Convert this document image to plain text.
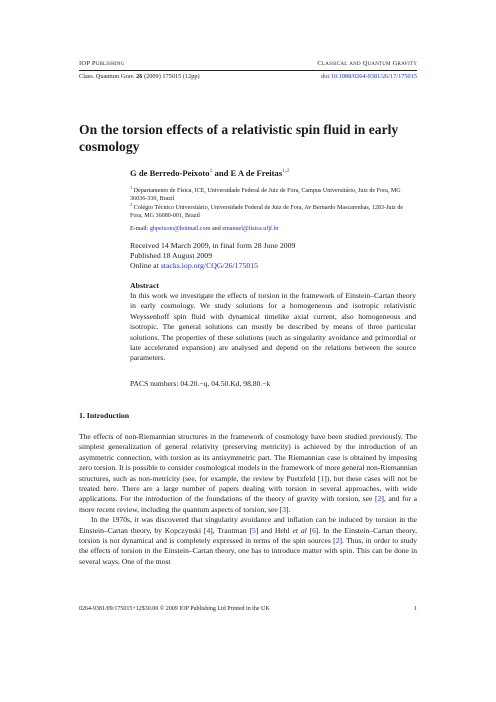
IOP Publishing	Classical and Quantum Gravity
Class. Quantum Grav. 26 (2009) 175015 (12pp)	doi:10.1088/0264-9381/26/17/175015
On the torsion effects of a relativistic spin fluid in early cosmology
G de Berredo-Peixoto$^1$ and E A de Freitas$^{1,2}$
$^1$ Departamento de Física, ICE, Universidade Federal de Juiz de Fora, Campus Universitário, Juiz de Fora, MG 36036-330, Brazil
$^2$ Colégio Técnico Universitário, Universidade Federal de Juiz de Fora, Av Bernardo Mascarenhas, 1283-Juiz de Fora, MG 36080-001, Brazil
E-mail: gbpeixoto@hotmail.com and emanuel@fisica.ufjf.br
Received 14 March 2009, in final form 28 June 2009
Published 18 August 2009
Online at stacks.iop.org/CQG/26/175015
Abstract
In this work we investigate the effects of torsion in the framework of Einstein–Cartan theory in early cosmology. We study solutions for a homogeneous and isotropic relativistic Weyssenhoff spin fluid with dynamical timelike axial current, also homogeneous and isotropic. The general solutions can mostly be described by means of three particular solutions. The properties of these solutions (such as singularity avoidance and primordial or late accelerated expansion) are analysed and depend on the relations between the source parameters.
PACS numbers: 04.20.−q, 04.50.Kd, 98.80.−k
1. Introduction

The effects of non-Riemannian structures in the framework of cosmology have been studied previously. The simplest generalization of general relativity (preserving metricity) is achieved by the introduction of an asymmetric connection, with torsion as its antisymmetric part. The Riemannian case is obtained by imposing zero torsion. It is possible to consider cosmological models in the framework of more general non-Riemannian structures, such as non-metricity (see, for example, the review by Puetzfeld [1]), but these cases will not be treated here. There are a large number of papers dealing with torsion in several approaches, with wide applications. For the introduction of the foundations of the theory of gravity with torsion, see [2], and for a more recent review, including the quantum aspects of torsion, see [3].

In the 1970s, it was discovered that singularity avoidance and inflation can be induced by torsion in the Einstein–Cartan theory, by Kopczynski [4], Trautman [5] and Hehl et al [6]. In the Einstein–Cartan theory, torsion is not dynamical and is completely expressed in terms of the spin sources [2]. Thus, in order to study the effects of torsion in the Einstein–Cartan theory, one has to introduce matter with spin. This can be done in several ways. One of the most

0264-9381/09/175015+12$30.00 © 2009 IOP Publishing Ltd Printed in the UK	1
